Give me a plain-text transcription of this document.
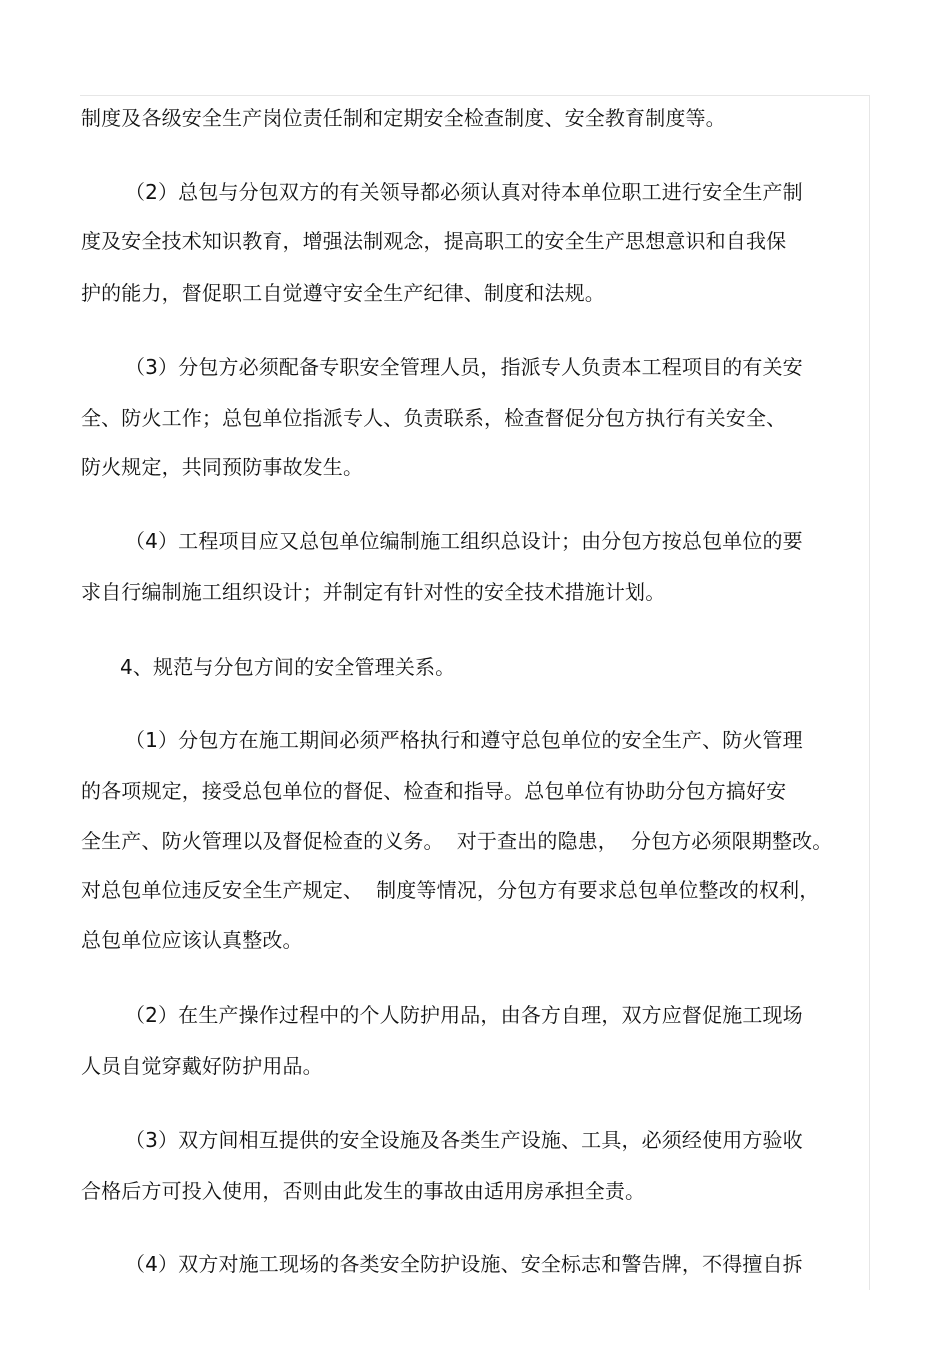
制度及各级安全生产岗位责任制和定期安全检查制度、安全教育制度等。
（2）总包与分包双方的有关领导都必须认真对待本单位职工进行安全生产制
度及安全技术知识教育，增强法制观念，提高职工的安全生产思想意识和自我保
护的能力，督促职工自觉遵守安全生产纪律、制度和法规。
（3）分包方必须配备专职安全管理人员，指派专人负责本工程项目的有关安
全、防火工作；总包单位指派专人、负责联系，检查督促分包方执行有关安全、
防火规定，共同预防事故发生。
（4）工程项目应又总包单位编制施工组织总设计；由分包方按总包单位的要
求自行编制施工组织设计；并制定有针对性的安全技术措施计划。
4、规范与分包方间的安全管理关系。
（1）分包方在施工期间必须严格执行和遵守总包单位的安全生产、防火管理
的各项规定，接受总包单位的督促、检查和指导。总包单位有协助分包方搞好安
全生产、防火管理以及督促检查的义务。  对于查出的隐患，  分包方必须限期整改。
对总包单位违反安全生产规定、  制度等情况，分包方有要求总包单位整改的权利，
总包单位应该认真整改。
（2）在生产操作过程中的个人防护用品，由各方自理，双方应督促施工现场
人员自觉穿戴好防护用品。
（3）双方间相互提供的安全设施及各类生产设施、工具，必须经使用方验收
合格后方可投入使用，否则由此发生的事故由适用房承担全责。
（4）双方对施工现场的各类安全防护设施、安全标志和警告牌，不得擅自拆
